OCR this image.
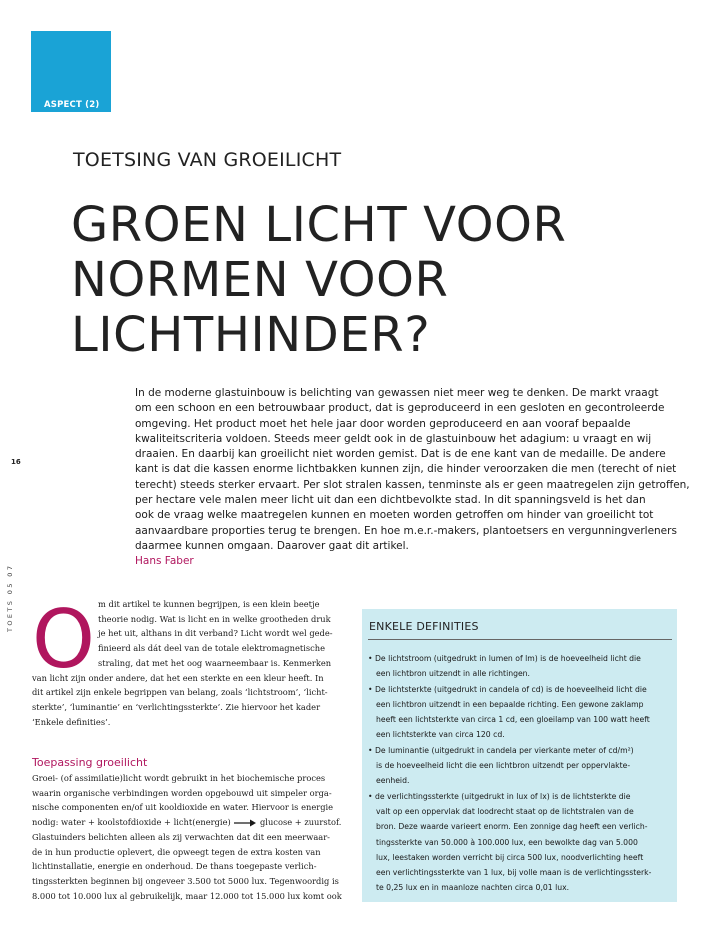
ASPECT (2)
TOETSING VAN GROEILICHT
GROEN LICHT VOOR
NORMEN VOOR
LICHTHINDER?
In de moderne glastuinbouw is belichting van gewassen niet meer weg te denken. De markt vraagt
om een schoon en een betrouwbaar product, dat is geproduceerd in een gesloten en gecontroleerde
omgeving. Het product moet het hele jaar door worden geproduceerd en aan vooraf bepaalde
kwaliteitscriteria voldoen. Steeds meer geldt ook in de glastuinbouw het adagium: u vraagt en wij
draaien. En daarbij kan groeilicht niet worden gemist. Dat is de ene kant van de medaille. De andere
kant is dat die kassen enorme lichtbakken kunnen zijn, die hinder veroorzaken die men (terecht of niet
terecht) steeds sterker ervaart. Per slot stralen kassen, tenminste als er geen maatregelen zijn getroffen,
per hectare vele malen meer licht uit dan een dichtbevolkte stad. In dit spanningsveld is het dan
ook de vraag welke maatregelen kunnen en moeten worden getroffen om hinder van groeilicht tot
aanvaardbare proporties terug te brengen. En hoe m.e.r.-makers, plantoetsers en vergunningverleners
daarmee kunnen omgaan. Daarover gaat dit artikel.
Hans Faber
16
TOETS 05 07 O m dit artikel te kunnen begrijpen, is een klein beetje
theorie nodig. Wat is licht en in welke grootheden druk
je het uit, althans in dit verband? Licht wordt wel gede-
finieerd als dát deel van de totale elektromagnetische
straling, dat met het oog waarneembaar is. Kenmerken
van licht zijn onder andere, dat het een sterkte en een kleur heeft. In
dit artikel zijn enkele begrippen van belang, zoals ‘lichtstroom’, ‘licht-
sterkte’, ‘luminantie’ en ‘verlichtingssterkte’. Zie hiervoor het kader
‘Enkele definities’.
Toepassing groeilicht
Groei- (of assimilatie)licht wordt gebruikt in het biochemische proces
waarin organische verbindingen worden opgebouwd uit simpeler orga-
nische componenten en/of uit kooldioxide en water. Hiervoor is energie
nodig: water + koolstofdioxide + licht(energie)	glucose + zuurstof.
Glastuinders belichten alleen als zij verwachten dat dit een meerwaar-
de in hun productie oplevert, die opweegt tegen de extra kosten van
lichtinstallatie, energie en onderhoud. De thans toegepaste verlich-
tingssterkten beginnen bij ongeveer 3.500 tot 5000 lux. Tegenwoordig is
8.000 tot 10.000 lux al gebruikelijk, maar 12.000 tot 15.000 lux komt ook
ENKELE DEFINITIES
• De lichtstroom (uitgedrukt in lumen of lm) is de hoeveelheid licht die
een lichtbron uitzendt in alle richtingen.
• De lichtsterkte (uitgedrukt in candela of cd) is de hoeveelheid licht die
een lichtbron uitzendt in een bepaalde richting. Een gewone zaklamp
heeft een lichtsterkte van circa 1 cd, een gloeilamp van 100 watt heeft
een lichtsterkte van circa 120 cd.
• De luminantie (uitgedrukt in candela per vierkante meter of cd/m²)
is de hoeveelheid licht die een lichtbron uitzendt per oppervlakte-
eenheid.
• de verlichtingssterkte (uitgedrukt in lux of lx) is de lichtsterkte die
valt op een oppervlak dat loodrecht staat op de lichtstralen van de
bron. Deze waarde varieert enorm. Een zonnige dag heeft een verlich-
tingssterkte van 50.000 à 100.000 lux, een bewolkte dag van 5.000
lux, leestaken worden verricht bij circa 500 lux, noodverlichting heeft
een verlichtingssterkte van 1 lux, bij volle maan is de verlichtingssterk-
te 0,25 lux en in maanloze nachten circa 0,01 lux.
